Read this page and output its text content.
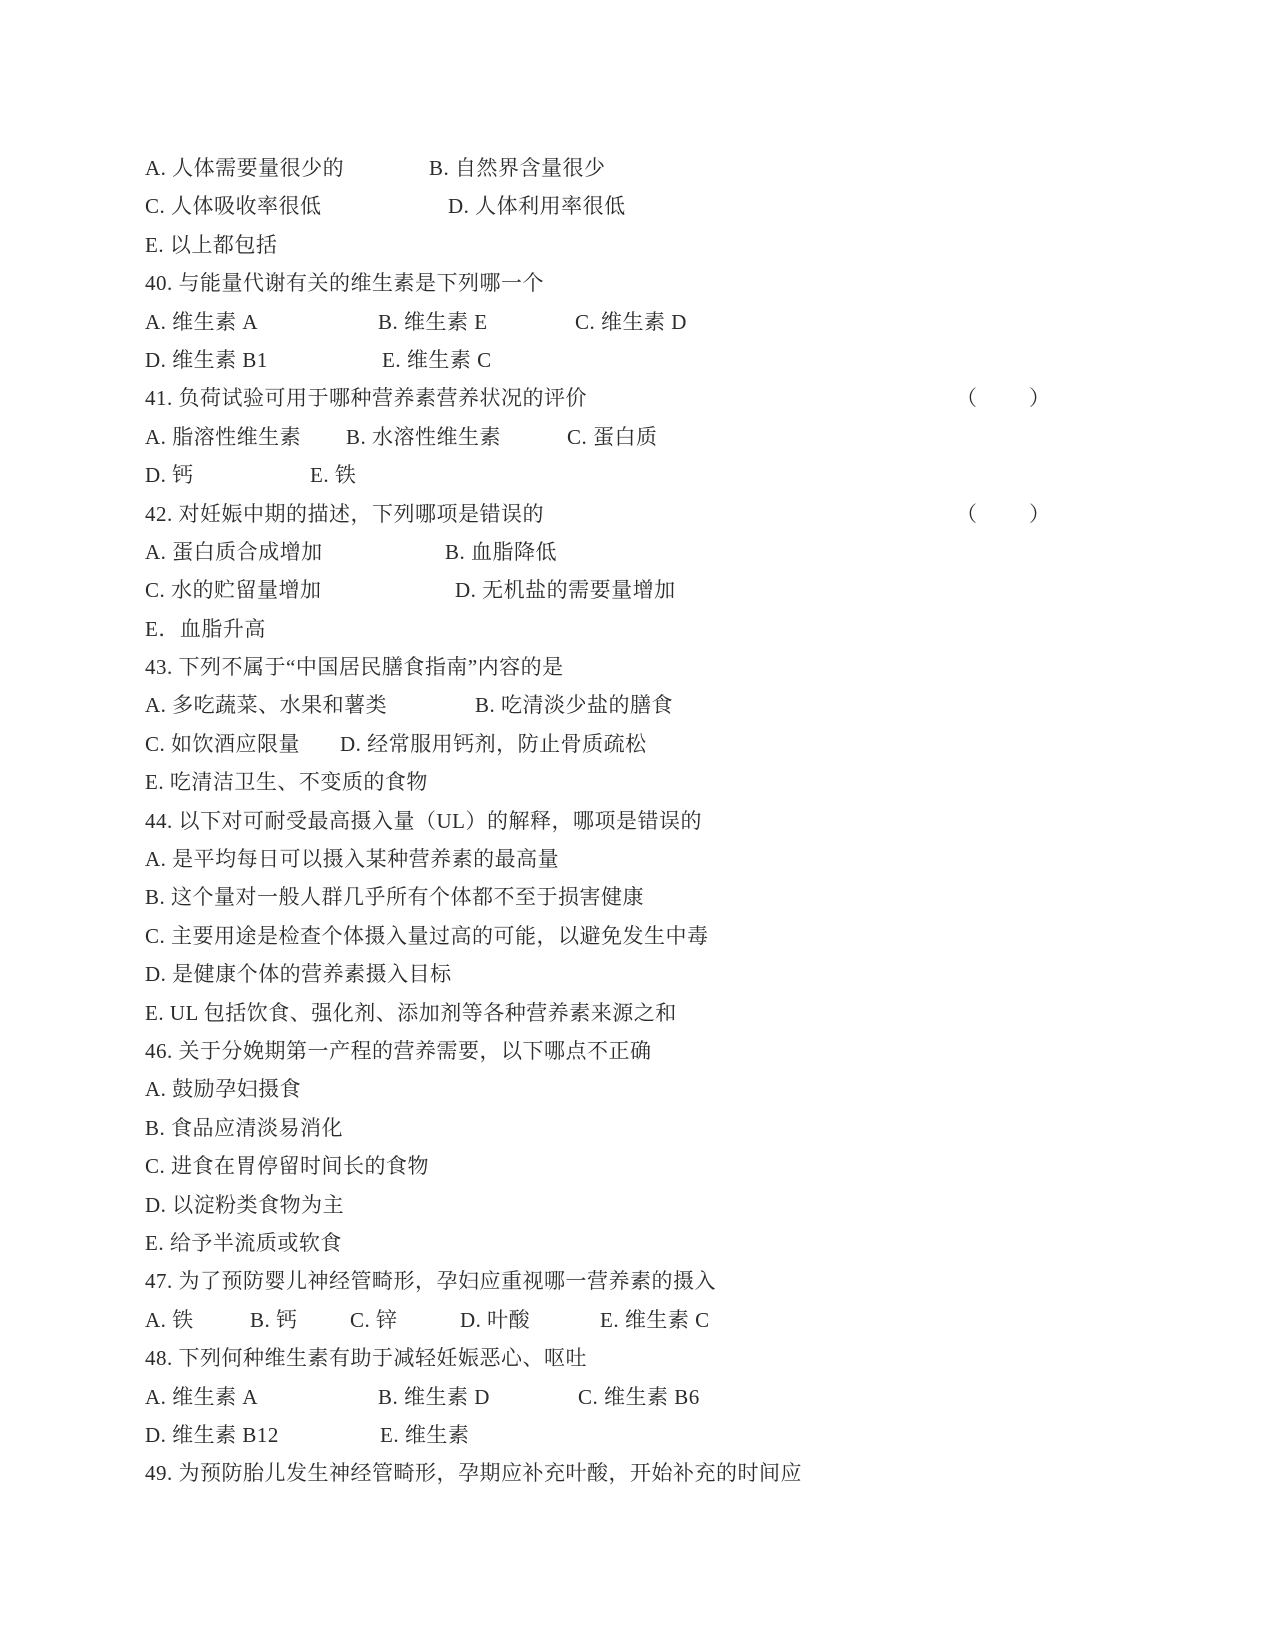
A. 人体需要量很少的	B. 自然界含量很少
C. 人体吸收率很低	D. 人体利用率很低
E. 以上都包括
40. 与能量代谢有关的维生素是下列哪一个
A. 维生素 A	B. 维生素 E	C. 维生素 D
D. 维生素 B1	E. 维生素 C
41. 负荷试验可用于哪种营养素营养状况的评价	（ ）
A. 脂溶性维生素 B. 水溶性维生素	C. 蛋白质
D. 钙	E. 铁
42. 对妊娠中期的描述，下列哪项是错误的	（ ）
A. 蛋白质合成增加	B. 血脂降低
C. 水的贮留量增加	D. 无机盐的需要量增加
E．血脂升高
43. 下列不属于“中国居民膳食指南”内容的是
A. 多吃蔬菜、水果和薯类	B. 吃清淡少盐的膳食
C. 如饮酒应限量 D. 经常服用钙剂，防止骨质疏松
E. 吃清洁卫生、不变质的食物
44. 以下对可耐受最高摄入量（UL）的解释，哪项是错误的
A. 是平均每日可以摄入某种营养素的最高量
B. 这个量对一般人群几乎所有个体都不至于损害健康
C. 主要用途是检查个体摄入量过高的可能，以避免发生中毒
D. 是健康个体的营养素摄入目标
E. UL 包括饮食、强化剂、添加剂等各种营养素来源之和
46. 关于分娩期第一产程的营养需要，以下哪点不正确
A. 鼓励孕妇摄食
B. 食品应清淡易消化
C. 进食在胃停留时间长的食物
D. 以淀粉类食物为主
E. 给予半流质或软食
47. 为了预防婴儿神经管畸形，孕妇应重视哪一营养素的摄入
A. 铁	B. 钙 C. 锌	D. 叶酸	E. 维生素 C
48. 下列何种维生素有助于减轻妊娠恶心、呕吐
A. 维生素 A	B. 维生素 D	C. 维生素 B6
D. 维生素 B12	E. 维生素
49. 为预防胎儿发生神经管畸形，孕期应补充叶酸，开始补充的时间应
